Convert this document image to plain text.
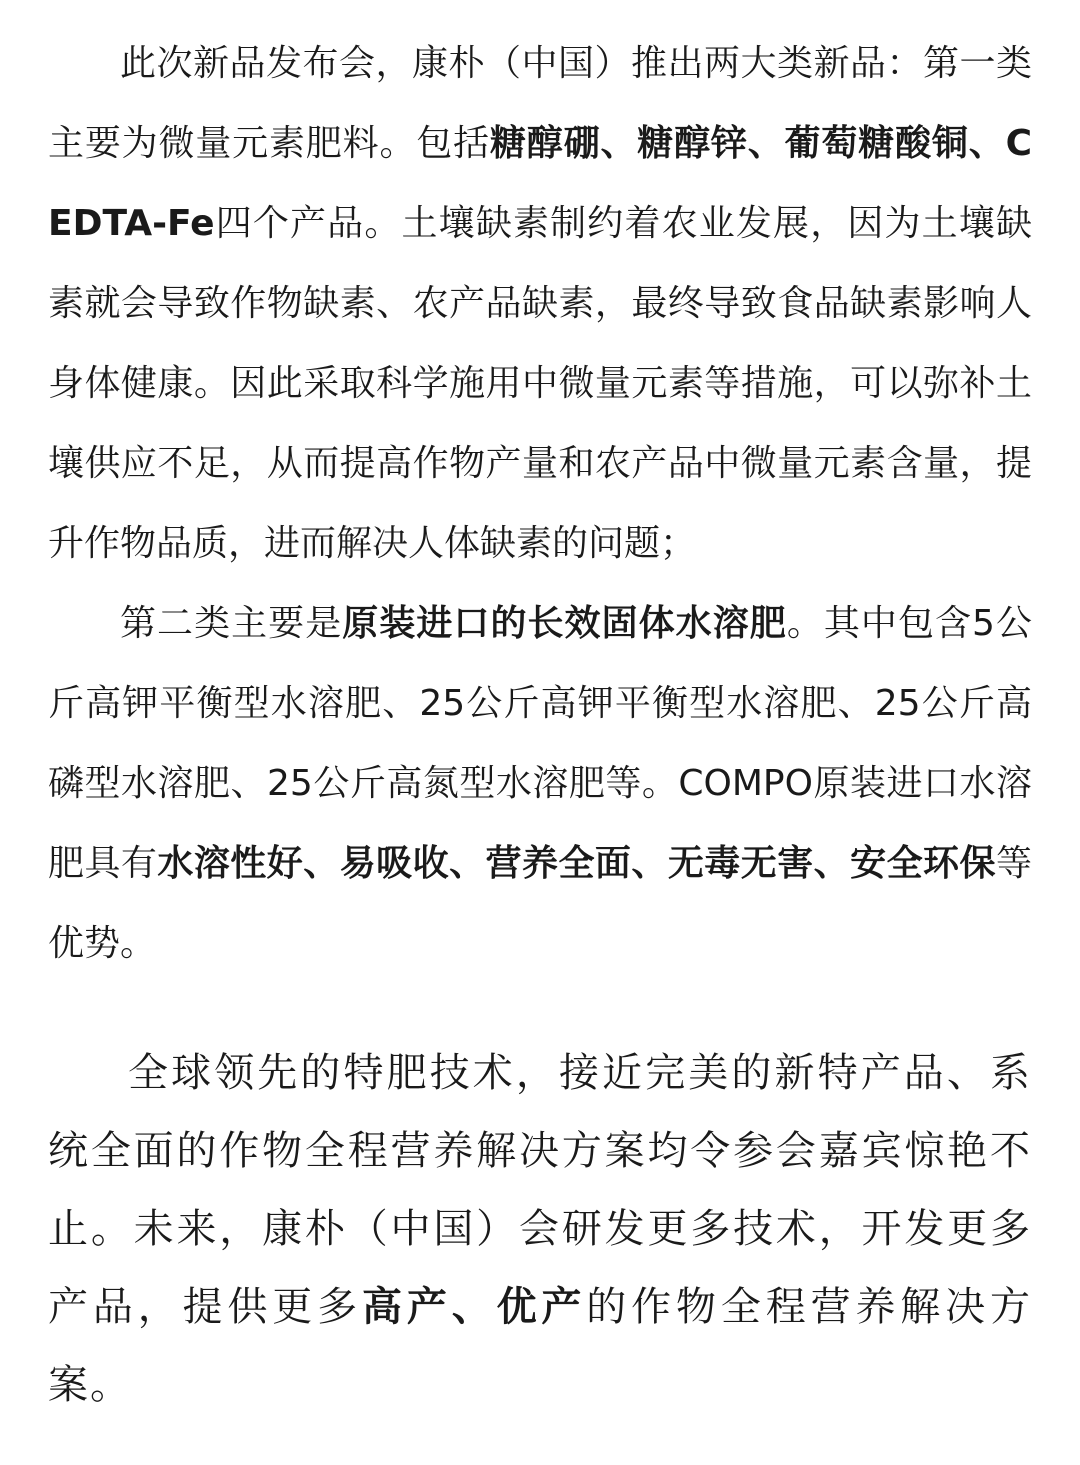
此次新品发布会，康朴（中国）推出两大类新品：第一类主要为微量元素肥料。包括糖醇硼、糖醇锌、葡萄糖酸铜、CEDTA-Fe四个产品。土壤缺素制约着农业发展，因为土壤缺素就会导致作物缺素、农产品缺素，最终导致食品缺素影响人身体健康。因此采取科学施用中微量元素等措施，可以弥补土壤供应不足，从而提高作物产量和农产品中微量元素含量，提升作物品质，进而解决人体缺素的问题；

第二类主要是原装进口的长效固体水溶肥。其中包含5公斤高钾平衡型水溶肥、25公斤高钾平衡型水溶肥、25公斤高磷型水溶肥、25公斤高氮型水溶肥等。COMPO原装进口水溶肥具有水溶性好、易吸收、营养全面、无毒无害、安全环保等优势。

全球领先的特肥技术，接近完美的新特产品、系统全面的作物全程营养解决方案均令参会嘉宾惊艳不止。未来，康朴（中国）会研发更多技术，开发更多产品，提供更多高产、优产的作物全程营养解决方案。
